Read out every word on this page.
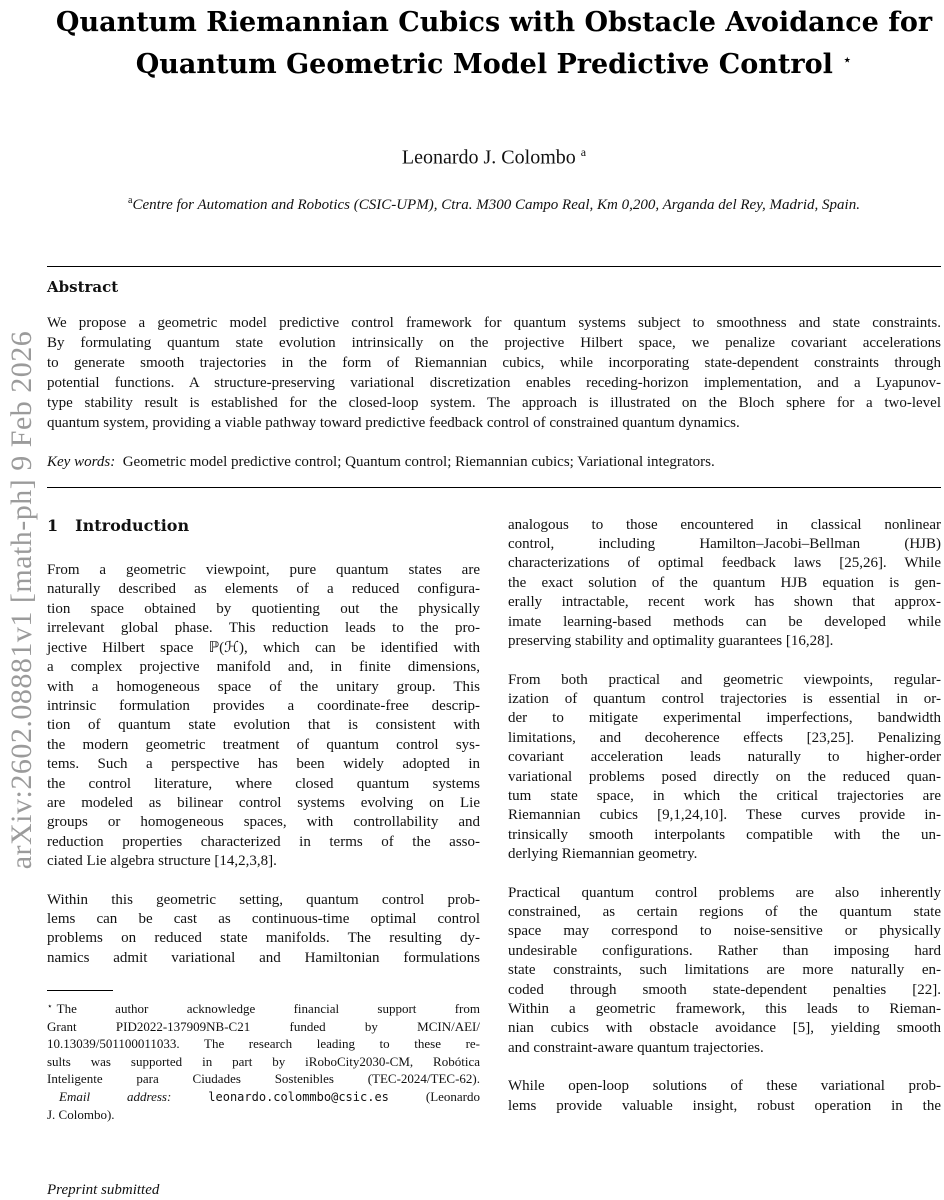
arXiv:2602.08881v1 [math-ph] 9 Feb 2026
Quantum Riemannian Cubics with Obstacle Avoidance for
Quantum Geometric Model Predictive Control ⋆
Leonardo J. Colombo $^a$
$^a$Centre for Automation and Robotics (CSIC-UPM), Ctra. M300 Campo Real, Km 0,200, Arganda del Rey, Madrid, Spain.
Abstract
We propose a geometric model predictive control framework for quantum systems subject to smoothness and state constraints.
By formulating quantum state evolution intrinsically on the projective Hilbert space, we penalize covariant accelerations
to generate smooth trajectories in the form of Riemannian cubics, while incorporating state-dependent constraints through
potential functions. A structure-preserving variational discretization enables receding-horizon implementation, and a Lyapunov-
type stability result is established for the closed-loop system. The approach is illustrated on the Bloch sphere for a two-level
quantum system, providing a viable pathway toward predictive feedback control of constrained quantum dynamics.
Key words: Geometric model predictive control; Quantum control; Riemannian cubics; Variational integrators.
1 Introduction
From a geometric viewpoint, pure quantum states are
naturally described as elements of a reduced configura-
tion space obtained by quotienting out the physically
irrelevant global phase. This reduction leads to the pro-
jective Hilbert space ℙ(ℋ), which can be identified with
a complex projective manifold and, in finite dimensions,
with a homogeneous space of the unitary group. This
intrinsic formulation provides a coordinate-free descrip-
tion of quantum state evolution that is consistent with
the modern geometric treatment of quantum control sys-
tems. Such a perspective has been widely adopted in
the control literature, where closed quantum systems
are modeled as bilinear control systems evolving on Lie
groups or homogeneous spaces, with controllability and
reduction properties characterized in terms of the asso-
ciated Lie algebra structure [14,2,3,8].
Within this geometric setting, quantum control prob-
lems can be cast as continuous-time optimal control
problems on reduced state manifolds. The resulting dy-
namics admit variational and Hamiltonian formulations
⋆ The author acknowledge financial support from
Grant PID2022-137909NB-C21 funded by MCIN/AEI/
10.13039/501100011033. The research leading to these re-
sults was supported in part by iRoboCity2030-CM, Robótica
Inteligente para Ciudades Sostenibles (TEC-2024/TEC-62).
Email address:	leonardo.colommbo@csic.es	(Leonardo
J. Colombo).
analogous to those encountered in classical nonlinear
control, including Hamilton–Jacobi–Bellman (HJB)
characterizations of optimal feedback laws [25,26]. While
the exact solution of the quantum HJB equation is gen-
erally intractable, recent work has shown that approx-
imate learning-based methods can be developed while
preserving stability and optimality guarantees [16,28].
From both practical and geometric viewpoints, regular-
ization of quantum control trajectories is essential in or-
der to mitigate experimental imperfections, bandwidth
limitations, and decoherence effects [23,25]. Penalizing
covariant acceleration leads naturally to higher-order
variational problems posed directly on the reduced quan-
tum state space, in which the critical trajectories are
Riemannian cubics [9,1,24,10]. These curves provide in-
trinsically smooth interpolants compatible with the un-
derlying Riemannian geometry.
Practical quantum control problems are also inherently
constrained, as certain regions of the quantum state
space may correspond to noise-sensitive or physically
undesirable configurations. Rather than imposing hard
state constraints, such limitations are more naturally en-
coded through smooth state-dependent penalties [22].
Within a geometric framework, this leads to Rieman-
nian cubics with obstacle avoidance [5], yielding smooth
and constraint-aware quantum trajectories.
While open-loop solutions of these variational prob-
lems provide valuable insight, robust operation in the
Preprint submitted
